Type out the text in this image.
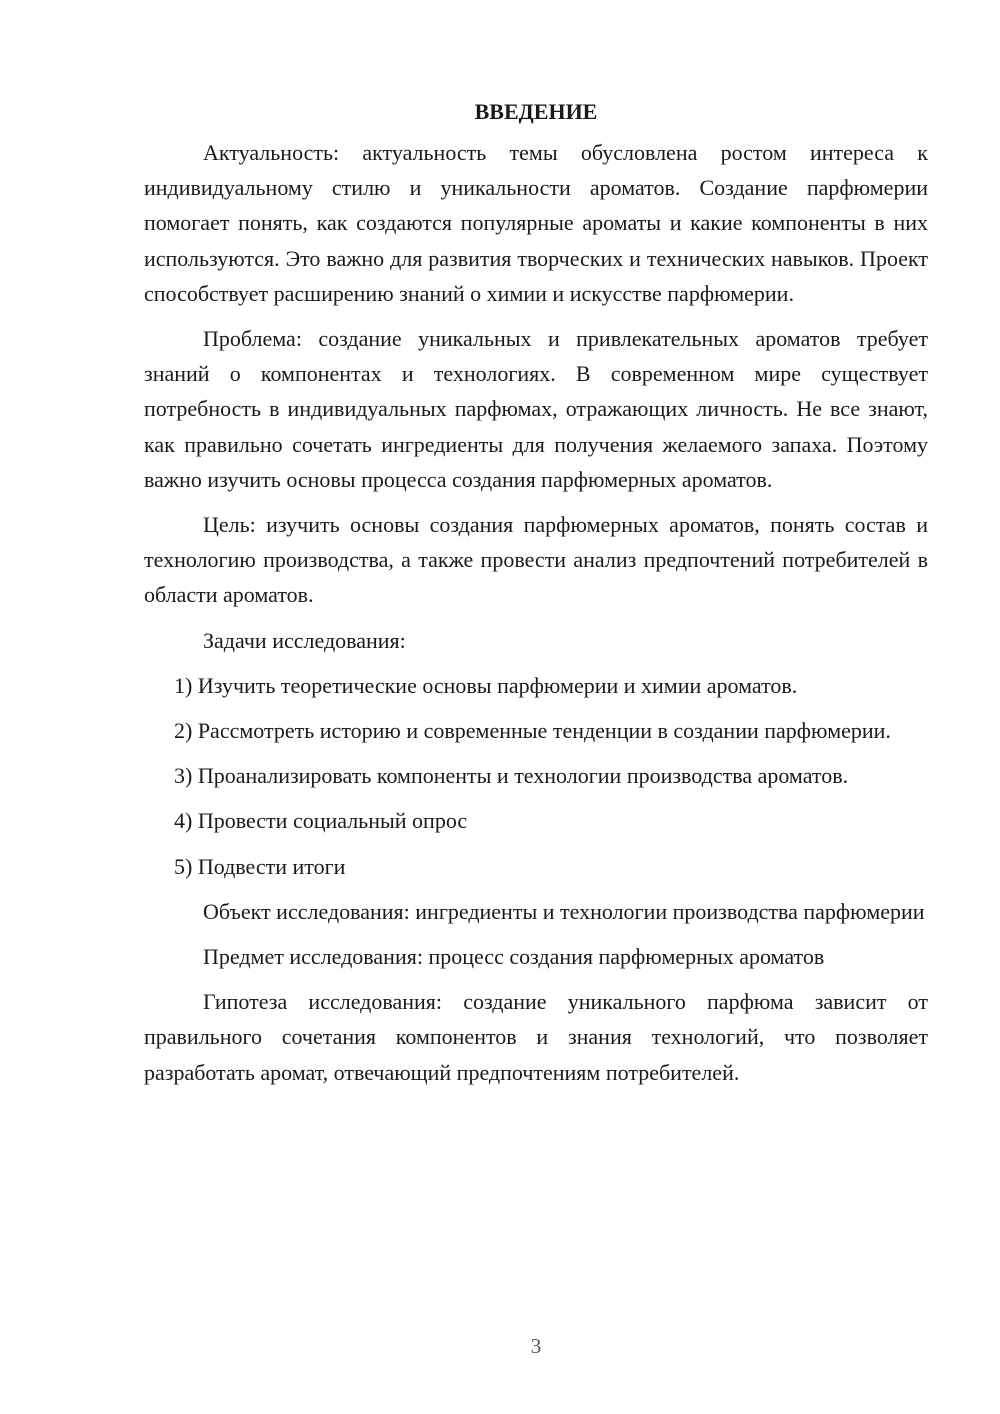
ВВЕДЕНИЕ

Актуальность: актуальность темы обусловлена ростом интереса к индивидуальному стилю и уникальности ароматов. Создание парфюмерии помогает понять, как создаются популярные ароматы и какие компоненты в них используются. Это важно для развития творческих и технических навыков. Проект способствует расширению знаний о химии и искусстве парфюмерии.

Проблема: создание уникальных и привлекательных ароматов требует знаний о компонентах и технологиях. В современном мире существует потребность в индивидуальных парфюмах, отражающих личность. Не все знают, как правильно сочетать ингредиенты для получения желаемого запаха. Поэтому важно изучить основы процесса создания парфюмерных ароматов.

Цель: изучить основы создания парфюмерных ароматов, понять состав и технологию производства, а также провести анализ предпочтений потребителей в области ароматов.

Задачи исследования:

1) Изучить теоретические основы парфюмерии и химии ароматов.

2) Рассмотреть историю и современные тенденции в создании парфюмерии.

3) Проанализировать компоненты и технологии производства ароматов.

4) Провести социальный опрос

5) Подвести итоги

Объект исследования: ингредиенты и технологии производства парфюмерии

Предмет исследования: процесс создания парфюмерных ароматов

Гипотеза исследования: создание уникального парфюма зависит от правильного сочетания компонентов и знания технологий, что позволяет разработать аромат, отвечающий предпочтениям потребителей.

3
